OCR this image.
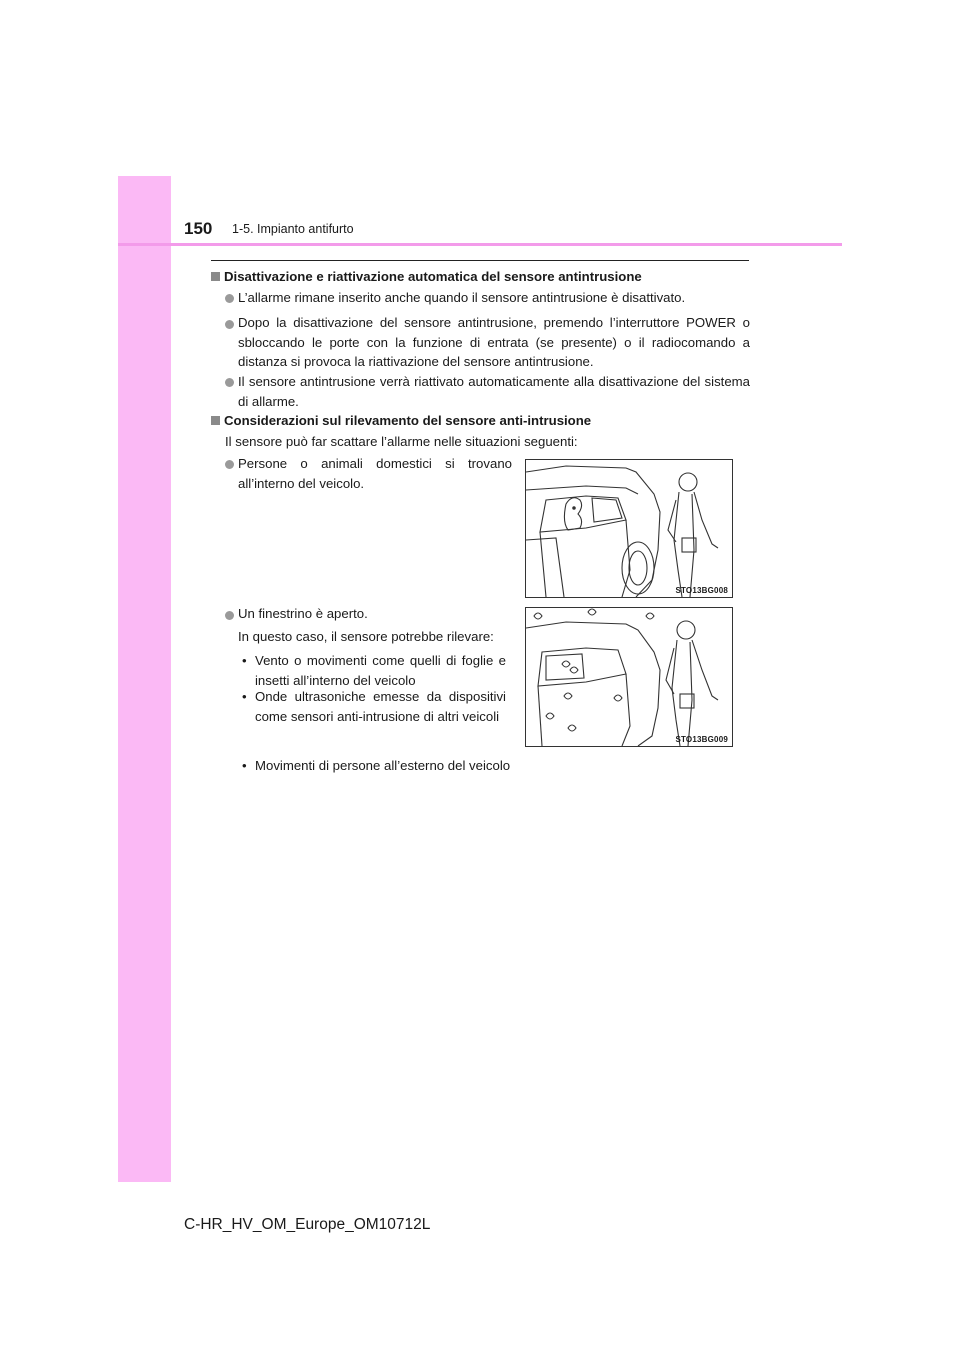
150 1-5. Impianto antifurto
Disattivazione e riattivazione automatica del sensore antintrusione
L’allarme rimane inserito anche quando il sensore antintrusione è disattivato.
Dopo la disattivazione del sensore antintrusione, premendo l’interruttore POWER o sbloccando le porte con la funzione di entrata (se presente) o il radiocomando a distanza si provoca la riattivazione del sensore antintrusione.
Il sensore antintrusione verrà riattivato automaticamente alla disattivazione del sistema di allarme.
Considerazioni sul rilevamento del sensore anti-intrusione
Il sensore può far scattare l’allarme nelle situazioni seguenti:
Persone o animali domestici si trovano all’interno del veicolo.
Un finestrino è aperto.
In questo caso, il sensore potrebbe rilevare:
• Vento o movimenti come quelli di foglie e insetti all’interno del veicolo
• Onde ultrasoniche emesse da dispositivi come sensori anti-intrusione di altri veicoli
• Movimenti di persone all’esterno del veicolo
STO13BG008
STO13BG009
C-HR_HV_OM_Europe_OM10712L
